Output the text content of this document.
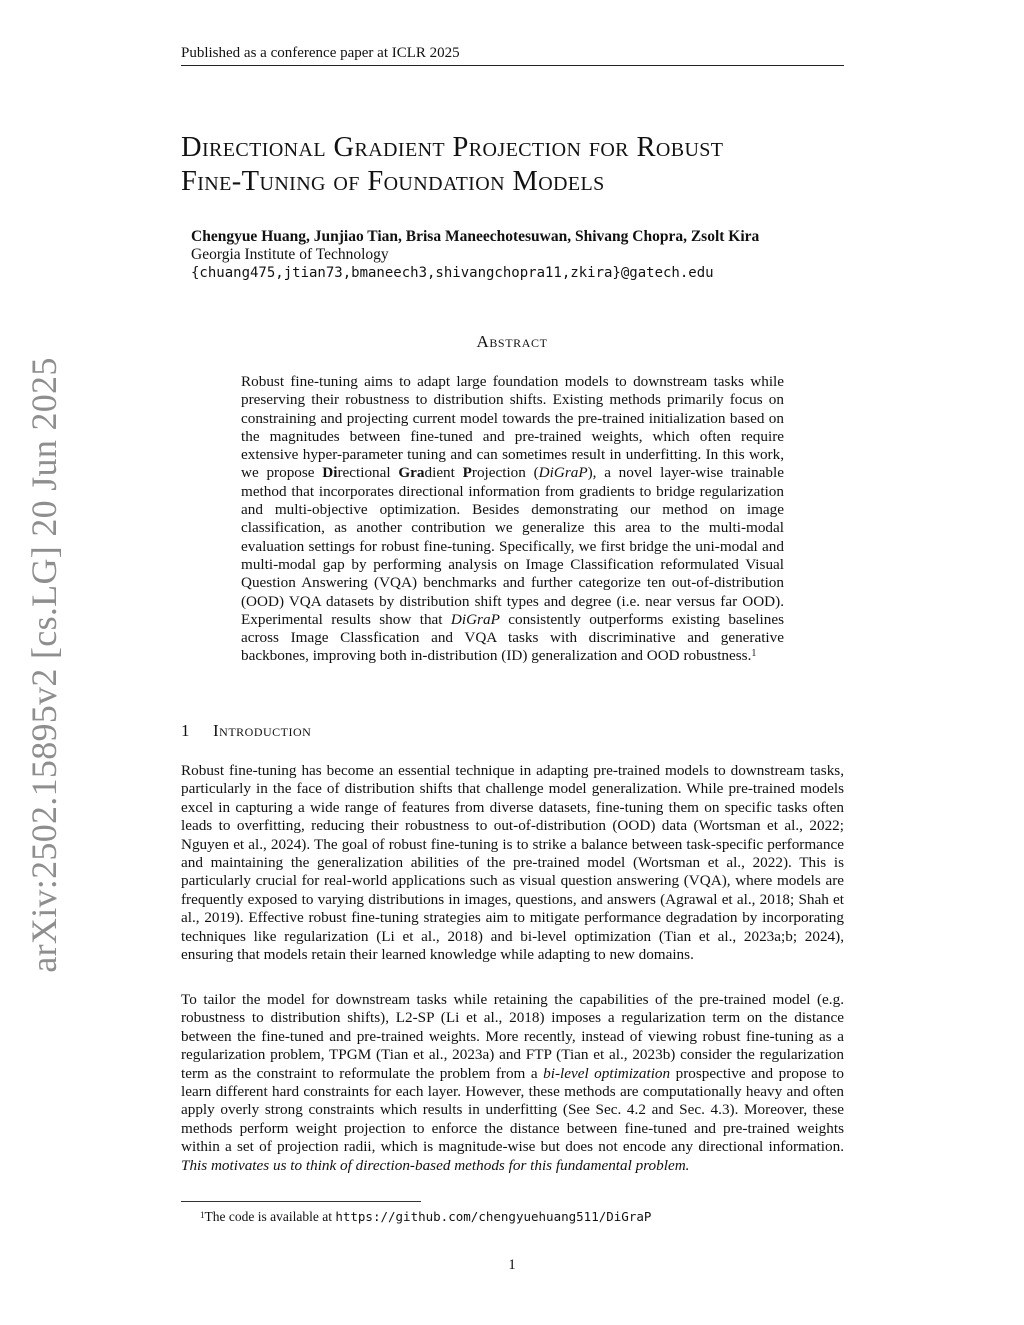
Published as a conference paper at ICLR 2025
arXiv:2502.15895v2 [cs.LG] 20 Jun 2025
Directional Gradient Projection for Robust
Fine-Tuning of Foundation Models
Chengyue Huang, Junjiao Tian, Brisa Maneechotesuwan, Shivang Chopra, Zsolt Kira
Georgia Institute of Technology
{chuang475,jtian73,bmaneech3,shivangchopra11,zkira}@gatech.edu
Abstract

Robust fine-tuning aims to adapt large foundation models to downstream tasks while preserving their robustness to distribution shifts. Existing methods primarily focus on constraining and projecting current model towards the pre-trained initialization based on the magnitudes between fine-tuned and pre-trained weights, which often require extensive hyper-parameter tuning and can sometimes result in underfitting. In this work, we propose Directional Gradient Projection (DiGraP), a novel layer-wise trainable method that incorporates directional information from gradients to bridge regularization and multi-objective optimization. Besides demonstrating our method on image classification, as another contribution we generalize this area to the multi-modal evaluation settings for robust fine-tuning. Specifically, we first bridge the uni-modal and multi-modal gap by performing analysis on Image Classification reformulated Visual Question Answering (VQA) benchmarks and further categorize ten out-of-distribution (OOD) VQA datasets by distribution shift types and degree (i.e. near versus far OOD). Experimental results show that DiGraP consistently outperforms existing baselines across Image Classfication and VQA tasks with discriminative and generative backbones, improving both in-distribution (ID) generalization and OOD robustness.$^1$

1 Introduction

Robust fine-tuning has become an essential technique in adapting pre-trained models to downstream tasks, particularly in the face of distribution shifts that challenge model generalization. While pre-trained models excel in capturing a wide range of features from diverse datasets, fine-tuning them on specific tasks often leads to overfitting, reducing their robustness to out-of-distribution (OOD) data (Wortsman et al., 2022; Nguyen et al., 2024). The goal of robust fine-tuning is to strike a balance between task-specific performance and maintaining the generalization abilities of the pre-trained model (Wortsman et al., 2022). This is particularly crucial for real-world applications such as visual question answering (VQA), where models are frequently exposed to varying distributions in images, questions, and answers (Agrawal et al., 2018; Shah et al., 2019). Effective robust fine-tuning strategies aim to mitigate performance degradation by incorporating techniques like regularization (Li et al., 2018) and bi-level optimization (Tian et al., 2023a;b; 2024), ensuring that models retain their learned knowledge while adapting to new domains.

To tailor the model for downstream tasks while retaining the capabilities of the pre-trained model (e.g. robustness to distribution shifts), L2-SP (Li et al., 2018) imposes a regularization term on the distance between the fine-tuned and pre-trained weights. More recently, instead of viewing robust fine-tuning as a regularization problem, TPGM (Tian et al., 2023a) and FTP (Tian et al., 2023b) consider the regularization term as the constraint to reformulate the problem from a bi-level optimization prospective and propose to learn different hard constraints for each layer. However, these methods are computationally heavy and often apply overly strong constraints which results in underfitting (See Sec. 4.2 and Sec. 4.3). Moreover, these methods perform weight projection to enforce the distance between fine-tuned and pre-trained weights within a set of projection radii, which is magnitude-wise but does not encode any directional information. This motivates us to think of direction-based methods for this fundamental problem.

$^1$The code is available at https://github.com/chengyuehuang511/DiGraP
1
